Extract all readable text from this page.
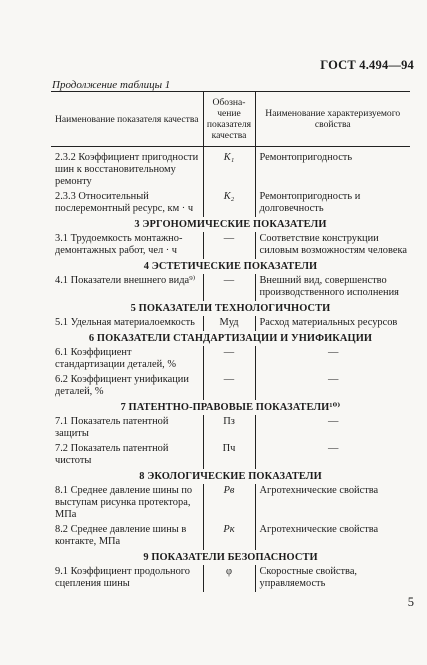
ГОСТ 4.494—94
Продолжение таблицы 1
Наименование показателя качества	Обозна- чение показателя качества	Наименование характеризуемого свойства
2.3.2 Коэффициент пригодности шин к восстановительному ремонту	K₁	Ремонтопригодность
2.3.3 Относительный послеремонтный ресурс, км · ч	K₂	Ремонтопригодность и долговечность
3 ЭРГОНОМИЧЕСКИЕ ПОКАЗАТЕЛИ		
3.1 Трудоемкость монтажно-демонтажных работ, чел · ч	—	Соответствие конструкции силовым возможностям человека
4 ЭСТЕТИЧЕСКИЕ ПОКАЗАТЕЛИ		
4.1 Показатели внешнего вида⁹⁾	—	Внешний вид, совершенство производственного исполнения
5 ПОКАЗАТЕЛИ ТЕХНОЛОГИЧНОСТИ		
5.1 Удельная материалоемкость	Mуд	Расход материальных ресурсов
6 ПОКАЗАТЕЛИ СТАНДАРТИЗАЦИИ И УНИФИКАЦИИ		
6.1 Коэффициент стандартизации деталей, %	—	—
6.2 Коэффициент унификации деталей, %	—	—
7 ПАТЕНТНО-ПРАВОВЫЕ ПОКАЗАТЕЛИ¹⁰⁾		
7.1 Показатель патентной защиты	Пз	—
7.2 Показатель патентной чистоты	Пч	—
8 ЭКОЛОГИЧЕСКИЕ ПОКАЗАТЕЛИ		
8.1 Среднее давление шины по выступам рисунка протектора, МПа	Pв	Агротехнические свойства
8.2 Среднее давление шины в контакте, МПа	Pк	Агротехнические свойства
9 ПОКАЗАТЕЛИ БЕЗОПАСНОСТИ		
9.1 Коэффициент продольного сцепления шины	φ	Скоростные свойства, управляемость
5
